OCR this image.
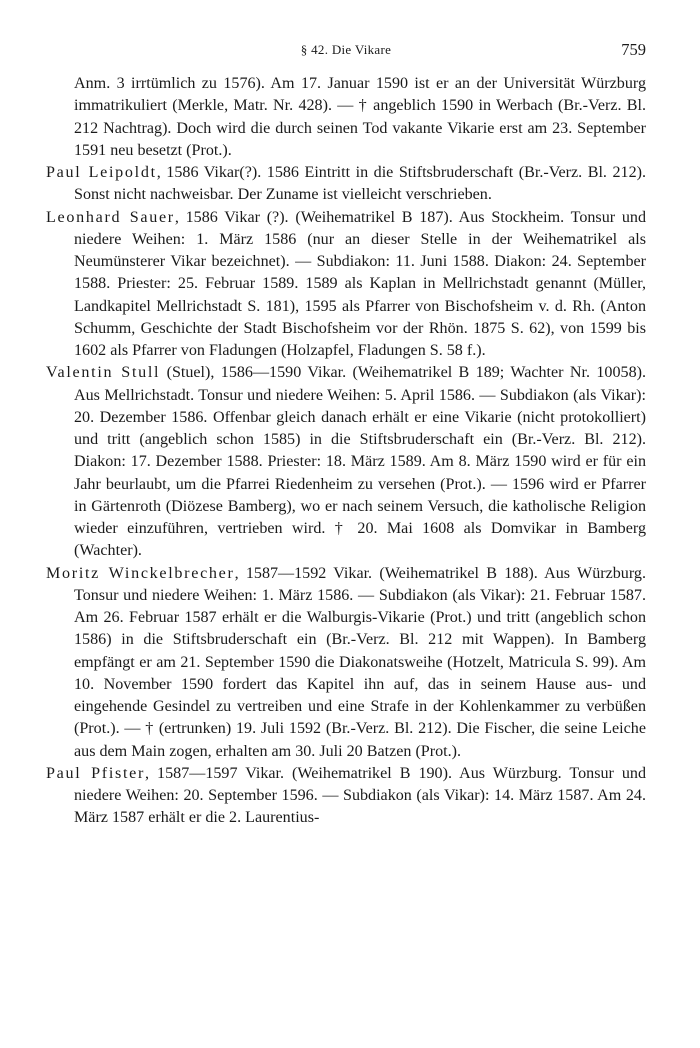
§ 42. Die Vikare	759

Anm. 3 irrtümlich zu 1576). Am 17. Januar 1590 ist er an der Universität Würzburg immatrikuliert (Merkle, Matr. Nr. 428). — † angeblich 1590 in Werbach (Br.-Verz. Bl. 212 Nachtrag). Doch wird die durch seinen Tod vakante Vikarie erst am 23. September 1591 neu besetzt (Prot.).

Paul Leipoldt, 1586 Vikar(?). 1586 Eintritt in die Stiftsbruderschaft (Br.-Verz. Bl. 212). Sonst nicht nachweisbar. Der Zuname ist vielleicht verschrieben.

Leonhard Sauer, 1586 Vikar (?). (Weihematrikel B 187). Aus Stockheim. Tonsur und niedere Weihen: 1. März 1586 (nur an dieser Stelle in der Weihematrikel als Neumünsterer Vikar bezeichnet). — Subdiakon: 11. Juni 1588. Diakon: 24. September 1588. Priester: 25. Februar 1589. 1589 als Kaplan in Mellrichstadt genannt (Müller, Landkapitel Mellrichstadt S. 181), 1595 als Pfarrer von Bischofsheim v. d. Rh. (Anton Schumm, Geschichte der Stadt Bischofsheim vor der Rhön. 1875 S. 62), von 1599 bis 1602 als Pfarrer von Fladungen (Holzapfel, Fladungen S. 58 f.).

Valentin Stull (Stuel), 1586—1590 Vikar. (Weihematrikel B 189; Wachter Nr. 10058). Aus Mellrichstadt. Tonsur und niedere Weihen: 5. April 1586. — Subdiakon (als Vikar): 20. Dezember 1586. Offenbar gleich danach erhält er eine Vikarie (nicht protokolliert) und tritt (angeblich schon 1585) in die Stiftsbruderschaft ein (Br.-Verz. Bl. 212). Diakon: 17. Dezember 1588. Priester: 18. März 1589. Am 8. März 1590 wird er für ein Jahr beurlaubt, um die Pfarrei Riedenheim zu versehen (Prot.). — 1596 wird er Pfarrer in Gärtenroth (Diözese Bamberg), wo er nach seinem Versuch, die katholische Religion wieder einzuführen, vertrieben wird. † 20. Mai 1608 als Domvikar in Bamberg (Wachter).

Moritz Winckelbrecher, 1587—1592 Vikar. (Weihematrikel B 188). Aus Würzburg. Tonsur und niedere Weihen: 1. März 1586. — Subdiakon (als Vikar): 21. Februar 1587. Am 26. Februar 1587 erhält er die Walburgis-Vikarie (Prot.) und tritt (angeblich schon 1586) in die Stiftsbruderschaft ein (Br.-Verz. Bl. 212 mit Wappen). In Bamberg empfängt er am 21. September 1590 die Diakonatsweihe (Hotzelt, Matricula S. 99). Am 10. November 1590 fordert das Kapitel ihn auf, das in seinem Hause aus- und eingehende Gesindel zu vertreiben und eine Strafe in der Kohlenkammer zu verbüßen (Prot.). — † (ertrunken) 19. Juli 1592 (Br.-Verz. Bl. 212). Die Fischer, die seine Leiche aus dem Main zogen, erhalten am 30. Juli 20 Batzen (Prot.).

Paul Pfister, 1587—1597 Vikar. (Weihematrikel B 190). Aus Würzburg. Tonsur und niedere Weihen: 20. September 1596. — Subdiakon (als Vikar): 14. März 1587. Am 24. März 1587 erhält er die 2. Laurentius-
